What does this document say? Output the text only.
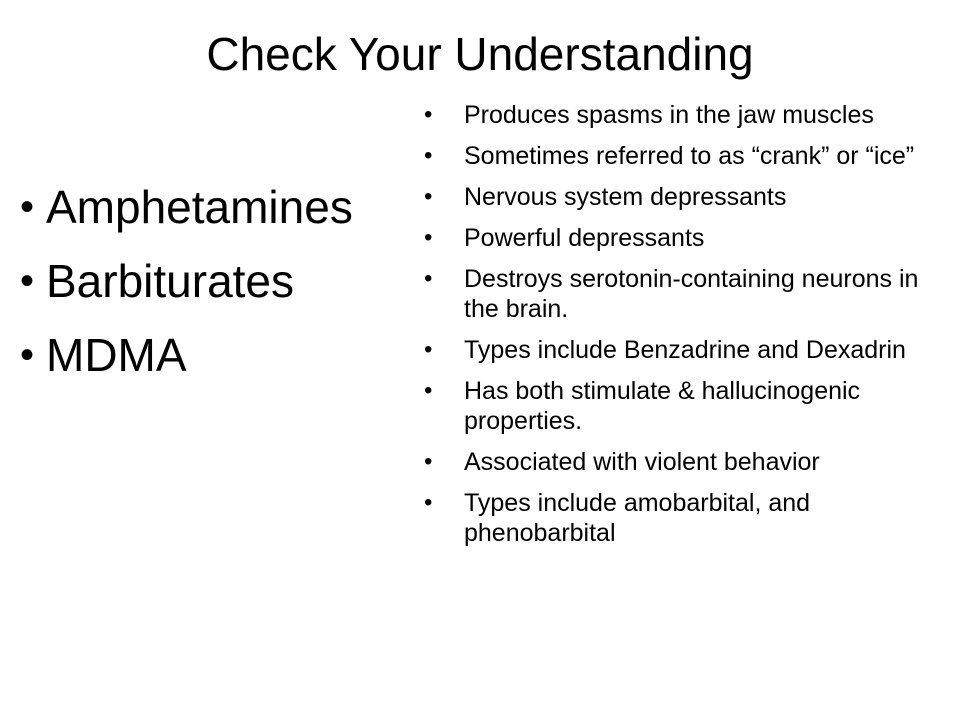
Check Your Understanding
• Amphetamines
• Barbiturates
• MDMA
• Produces spasms in the jaw muscles
• Sometimes referred to as “crank” or “ice”
• Nervous system depressants
• Powerful depressants
• Destroys serotonin-containing neurons in the brain.
• Types include Benzadrine and Dexadrin
• Has both stimulate & hallucinogenic properties.
• Associated with violent behavior
• Types include amobarbital, and phenobarbital
